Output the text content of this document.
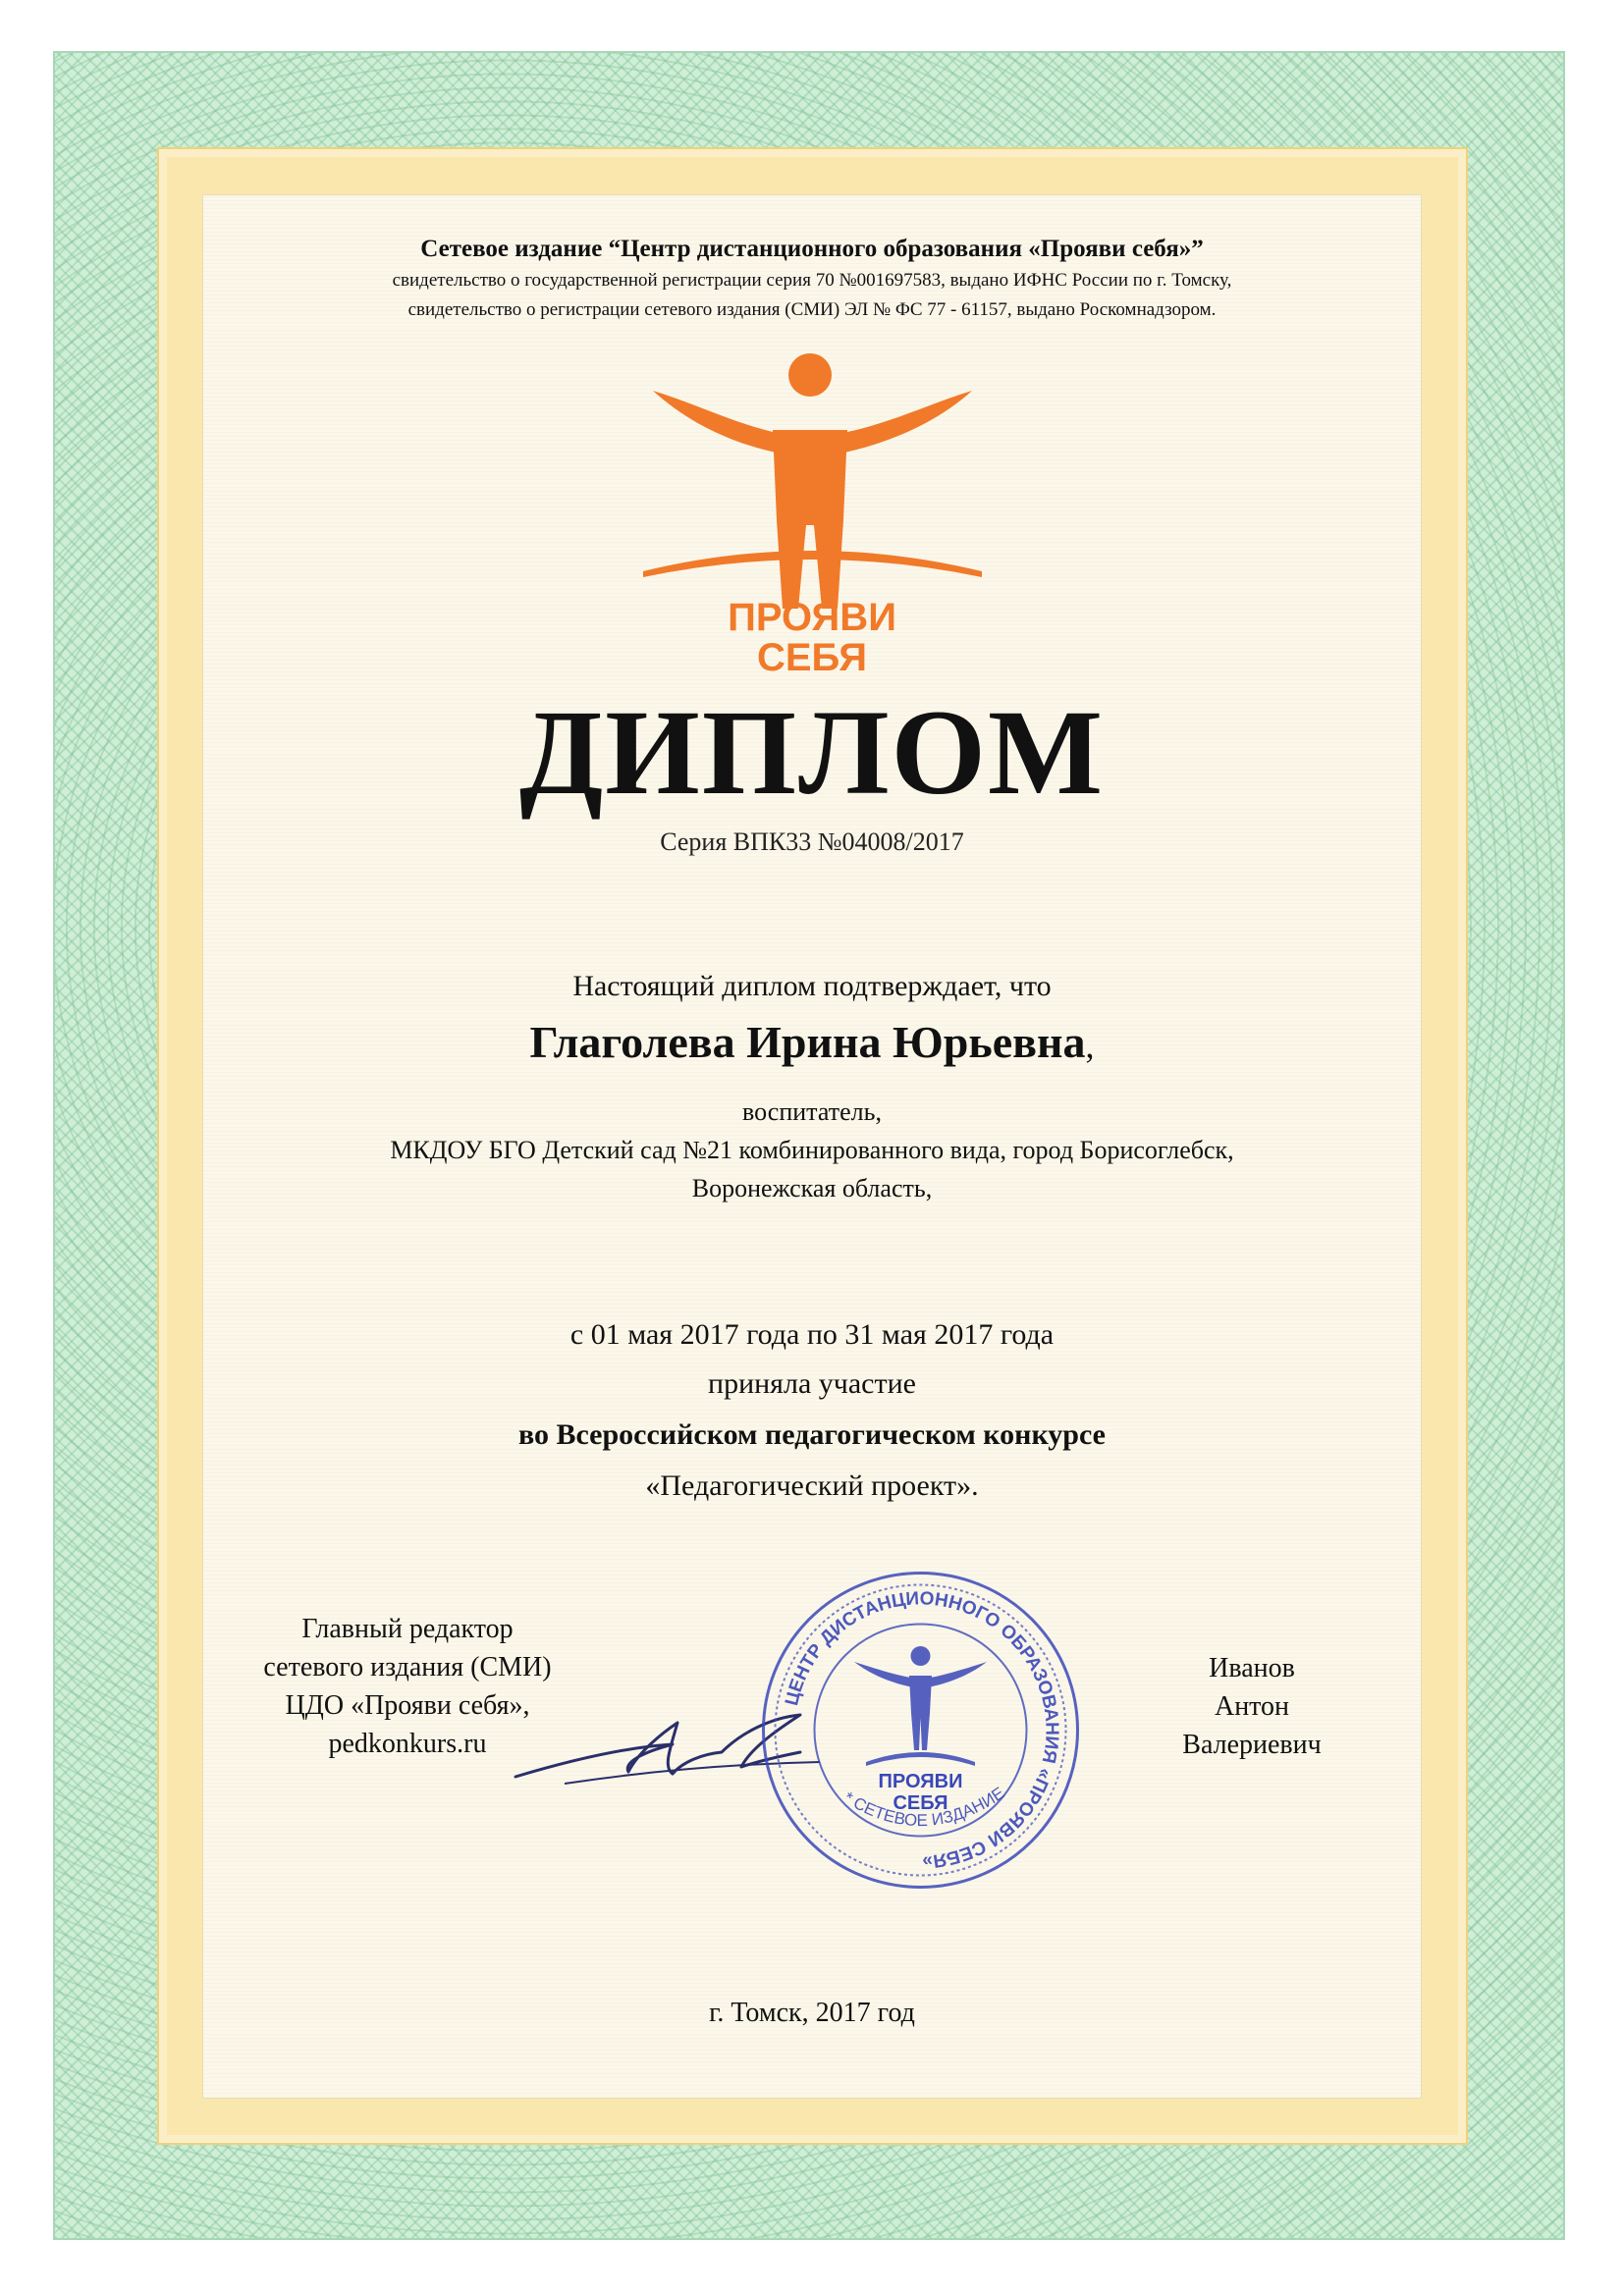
Сетевое издание “Центр дистанционного образования «Прояви себя»”
свидетельство о государственной регистрации серия 70 №001697583, выдано ИФНС России по г. Томску,
свидетельство о регистрации сетевого издания (СМИ) ЭЛ № ФС 77 - 61157, выдано Роскомнадзором.
ПРОЯВИ
СЕБЯ
ДИПЛОМ
Серия ВПК33 №04008/2017
Настоящий диплом подтверждает, что
Глаголева Ирина Юрьевна,
воспитатель,
МКДОУ БГО Детский сад №21 комбинированного вида, город Борисоглебск,
Воронежская область,
с 01 мая 2017 года по 31 мая 2017 года
приняла участие
во Всероссийском педагогическом конкурсе
«Педагогический проект».
Главный редактор
сетевого издания (СМИ)
ЦДО «Прояви себя»,
pedkonkurs.ru
ЦЕНТР ДИСТАНЦИОННОГО ОБРАЗОВАНИЯ «ПРОЯВИ СЕБЯ»
* СЕТЕВОЕ ИЗДАНИЕ
ПРОЯВИ
СЕБЯ
Иванов
Антон
Валериевич
г. Томск, 2017 год
